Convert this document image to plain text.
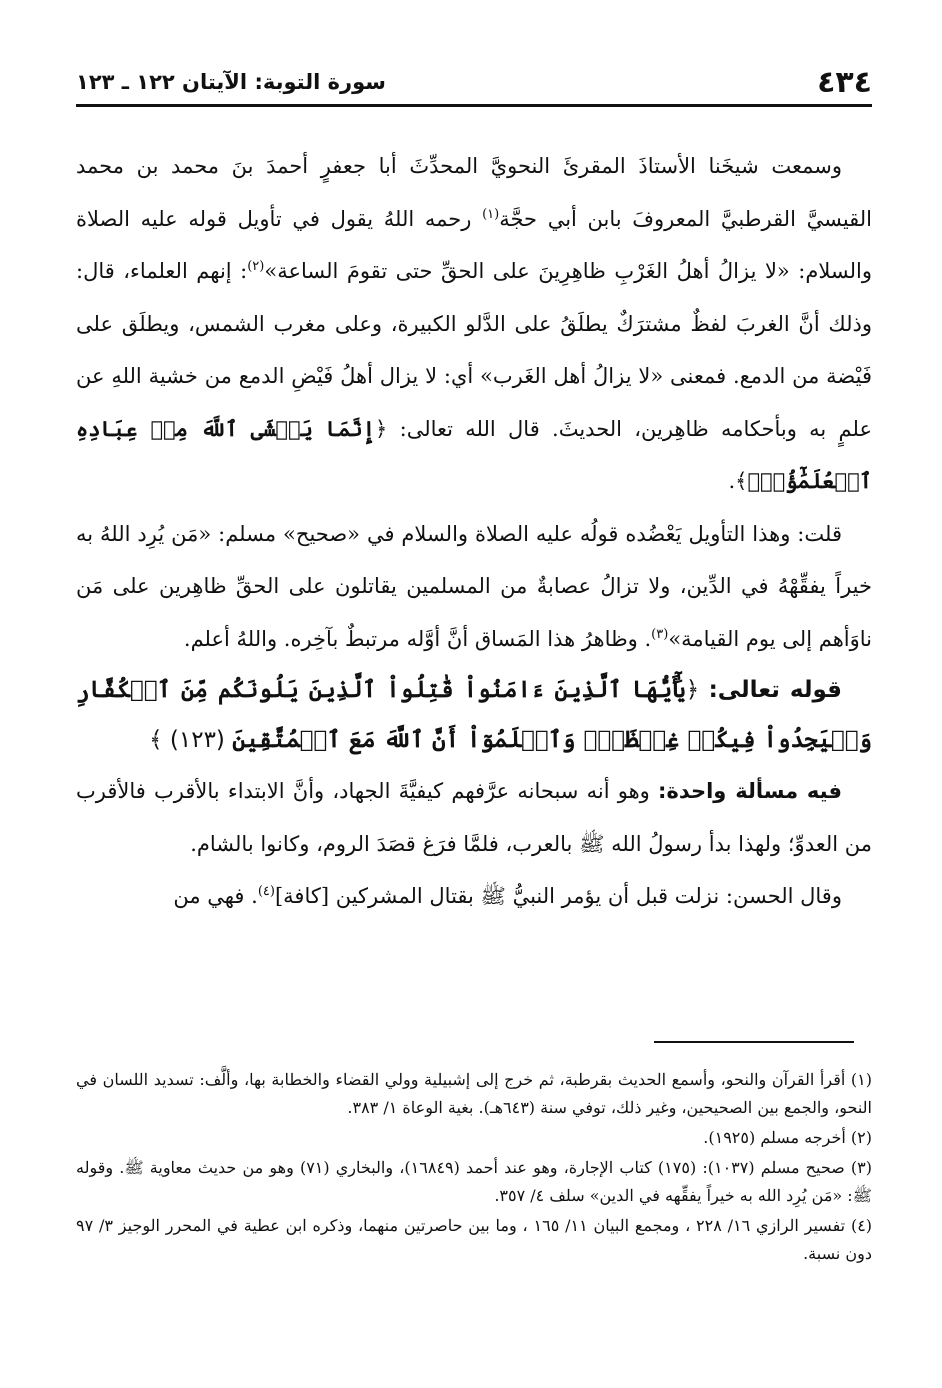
٤٣٤
سورة التوبة: الآيتان ١٢٢ ـ ١٢٣

وسمعت شيخَنا الأستاذَ المقرئَ النحويَّ المحدِّثَ أبا جعفرٍ أحمدَ بنَ محمد بن محمد القيسيَّ القرطبيَّ المعروفَ بابن أبي حجَّة$^{(١)}$ رحمه اللهُ يقول في تأويل قوله عليه الصلاة والسلام: «لا يزالُ أهلُ الغَرْبِ ظاهِرِينَ على الحقِّ حتى تقومَ الساعة»$^{(٢)}$: إنهم العلماء، قال: وذلك أنَّ الغربَ لفظٌ مشترَكٌ يطلَقُ على الدَّلو الكبيرة، وعلى مغرب الشمس، ويطلَق على فَيْضة من الدمع. فمعنى «لا يزالُ أهل الغَرب» أي: لا يزال أهلُ فَيْضِ الدمع من خشية اللهِ عن علمٍ به وبأحكامه ظاهِرين، الحديثَ. قال الله تعالى: ﴿إِنَّمَا يَخۡشَى ٱللَّهَ مِنۡ عِبَادِهِ ٱلۡعُلَمَٰٓؤُاْۗ﴾.

قلت: وهذا التأويل يَعْضُده قولُه عليه الصلاة والسلام في «صحيح» مسلم: «مَن يُرِد اللهُ به خيراً يفقِّهْهُ في الدِّين، ولا تزالُ عصابةٌ من المسلمين يقاتلون على الحقِّ ظاهِرين على مَن ناوَأهم إلى يوم القيامة»$^{(٣)}$. وظاهرُ هذا المَساق أنَّ أوَّله مرتبطٌ بآخِره. واللهُ أعلم.

قوله تعالى: ﴿يَٰٓأَيُّهَا ٱلَّذِينَ ءَامَنُواْ قَٰتِلُواْ ٱلَّذِينَ يَلُونَكُم مِّنَ ٱلۡكُفَّارِ وَلۡيَجِدُواْ فِيكُمۡ غِلۡظَةٗۚ وَٱعۡلَمُوٓاْ أَنَّ ٱللَّهَ مَعَ ٱلۡمُتَّقِينَ (١٢٣) ﴾

فيه مسألة واحدة: وهو أنه سبحانه عرَّفهم كيفيَّةَ الجهاد، وأنَّ الابتداء بالأقرب فالأقرب من العدوِّ؛ ولهذا بدأ رسولُ الله ﷺ بالعرب، فلمَّا فرَغ قصَدَ الروم، وكانوا بالشام.

وقال الحسن: نزلت قبل أن يؤمر النبيُّ ﷺ بقتال المشركين [كافة]$^{(٤)}$. فهي من

(١) أقرأ القرآن والنحو، وأسمع الحديث بقرطبة، ثم خرج إلى إشبيلية وولي القضاء والخطابة بها، وألَّف: تسديد اللسان في النحو، والجمع بين الصحيحين، وغير ذلك، توفي سنة (٦٤٣هـ). بغية الوعاة ١/ ٣٨٣.

(٢) أخرجه مسلم (١٩٢٥).

(٣) صحيح مسلم (١٠٣٧): (١٧٥) كتاب الإجارة، وهو عند أحمد (١٦٨٤٩)، والبخاري (٧١) وهو من حديث معاوية ﷺ. وقوله ﷺ: «مَن يُرِد الله به خيراً يفقِّهه في الدين» سلف ٤/ ٣٥٧.

(٤) تفسير الرازي ١٦/ ٢٢٨ ، ومجمع البيان ١١/ ١٦٥ ، وما بين حاصرتين منهما، وذكره ابن عطية في المحرر الوجيز ٣/ ٩٧ دون نسبة.
